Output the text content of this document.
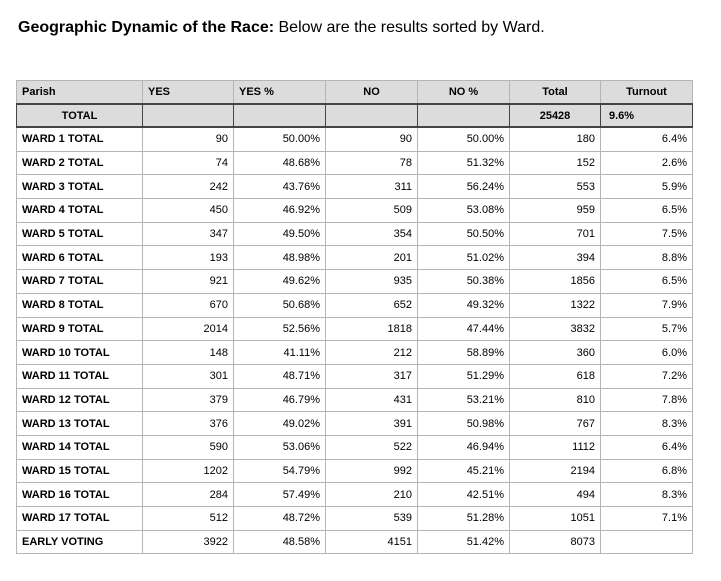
Geographic Dynamic of the Race: Below are the results sorted by Ward.
Parish	YES	YES %	NO	NO %	Total	Turnout
TOTAL					25428	9.6%
WARD 1 TOTAL	90	50.00%	90	50.00%	180	6.4%
WARD 2 TOTAL	74	48.68%	78	51.32%	152	2.6%
WARD 3 TOTAL	242	43.76%	311	56.24%	553	5.9%
WARD 4 TOTAL	450	46.92%	509	53.08%	959	6.5%
WARD 5 TOTAL	347	49.50%	354	50.50%	701	7.5%
WARD 6 TOTAL	193	48.98%	201	51.02%	394	8.8%
WARD 7 TOTAL	921	49.62%	935	50.38%	1856	6.5%
WARD 8 TOTAL	670	50.68%	652	49.32%	1322	7.9%
WARD 9 TOTAL	2014	52.56%	1818	47.44%	3832	5.7%
WARD 10 TOTAL	148	41.11%	212	58.89%	360	6.0%
WARD 11 TOTAL	301	48.71%	317	51.29%	618	7.2%
WARD 12 TOTAL	379	46.79%	431	53.21%	810	7.8%
WARD 13 TOTAL	376	49.02%	391	50.98%	767	8.3%
WARD 14 TOTAL	590	53.06%	522	46.94%	1112	6.4%
WARD 15 TOTAL	1202	54.79%	992	45.21%	2194	6.8%
WARD 16 TOTAL	284	57.49%	210	42.51%	494	8.3%
WARD 17 TOTAL	512	48.72%	539	51.28%	1051	7.1%
EARLY VOTING	3922	48.58%	4151	51.42%	8073	
